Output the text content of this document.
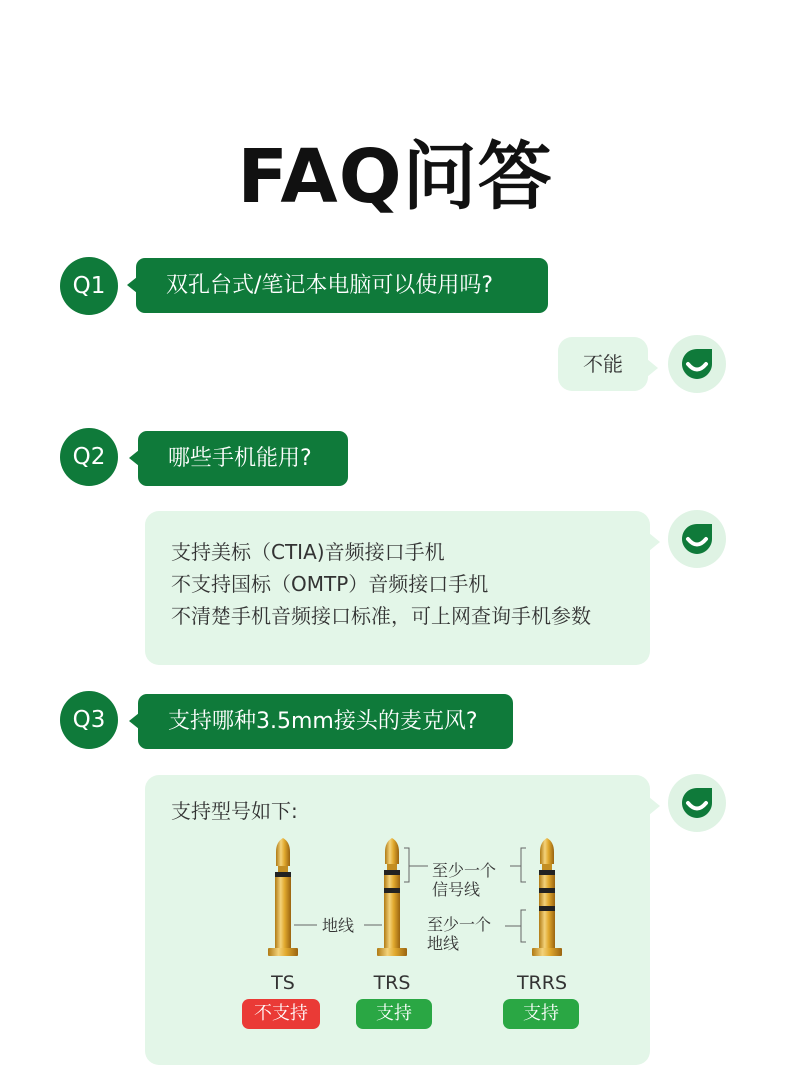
FAQ问答
Q1	双孔台式/笔记本电脑可以使用吗?
不能
Q2	哪些手机能用?
支持美标（CTIA)音频接口手机
不支持国标（OMTP）音频接口手机
不清楚手机音频接口标准，可上网查询手机参数
Q3	支持哪种3.5mm接头的麦克风?
支持型号如下:
地线
至少一个
信号线
至少一个
地线
TS	TRS	TRRS
不支持	支持	支持
